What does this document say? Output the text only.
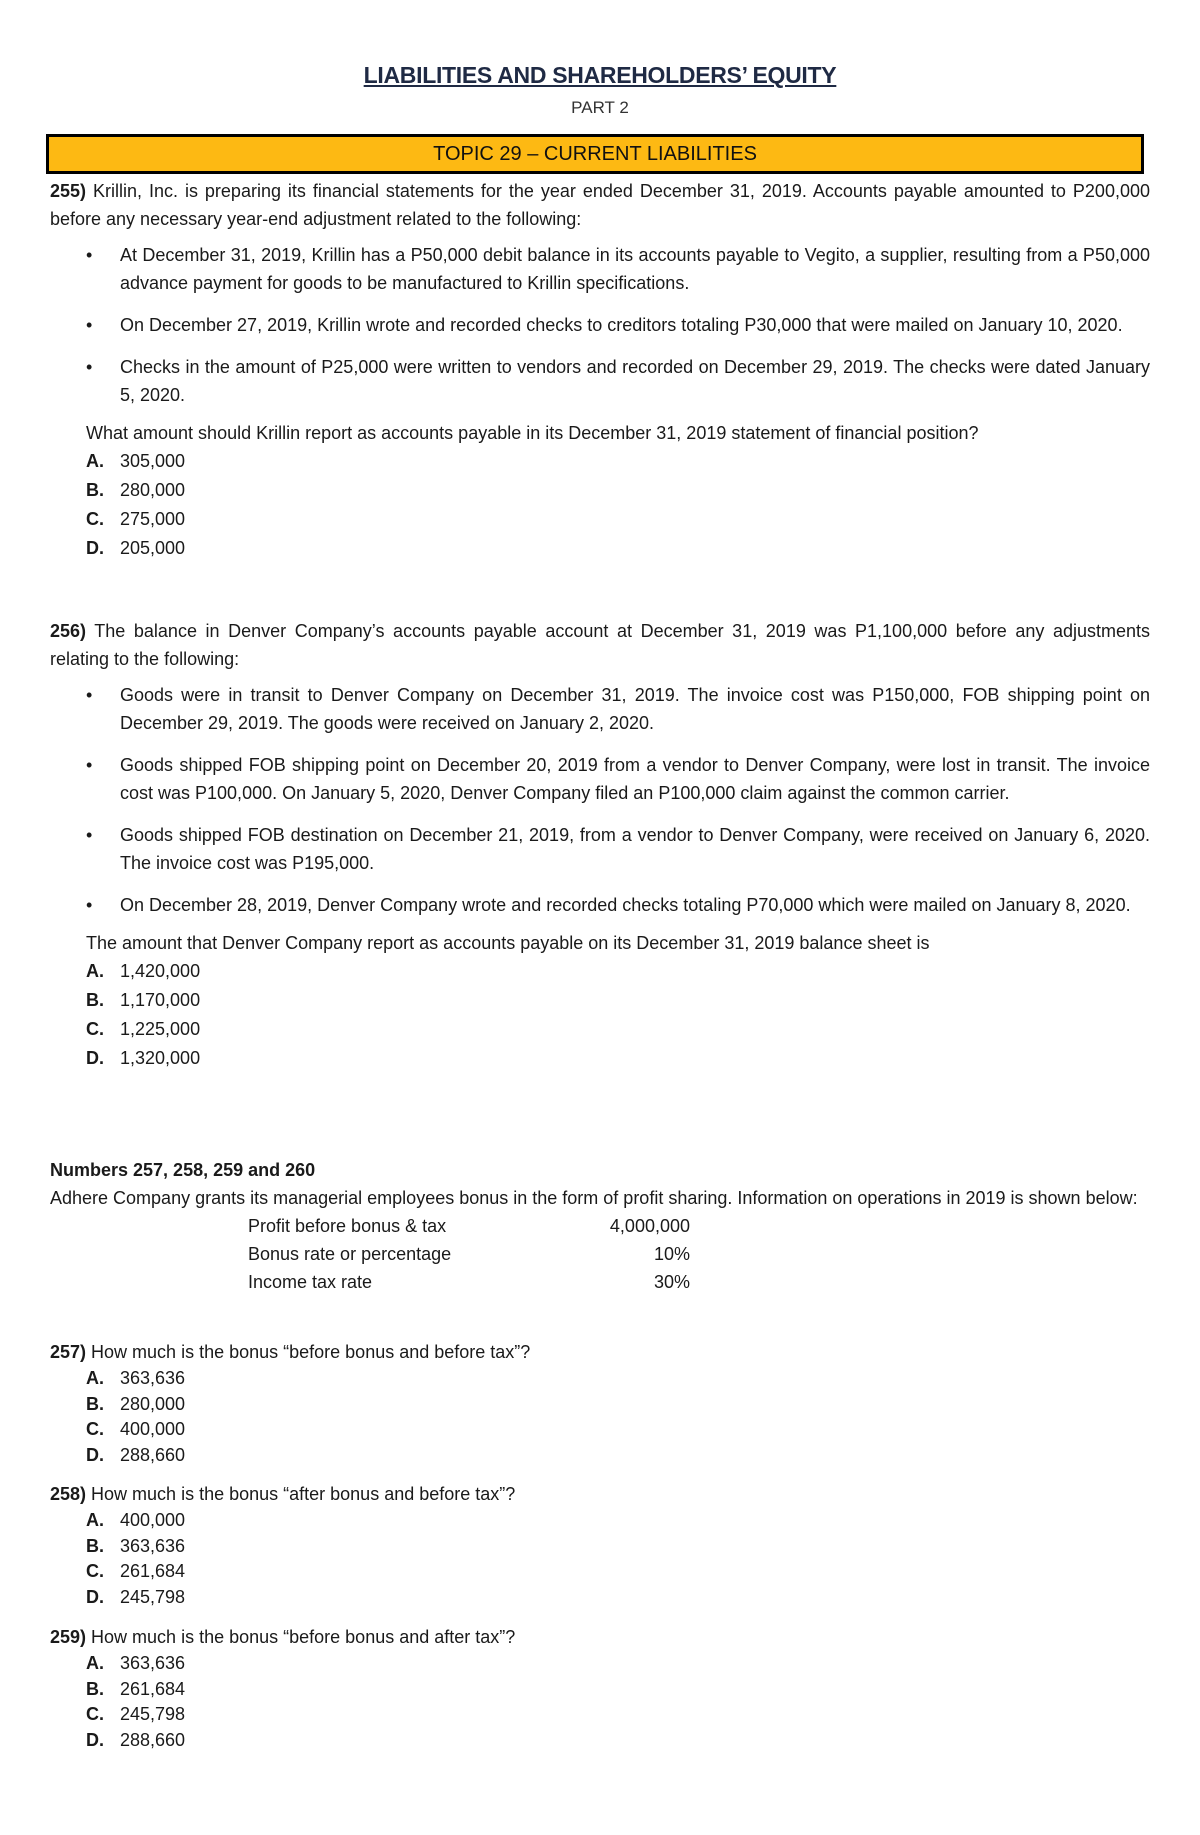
LIABILITIES AND SHAREHOLDERS’ EQUITY
PART 2
TOPIC 29 – CURRENT LIABILITIES
255) Krillin, Inc. is preparing its financial statements for the year ended December 31, 2019. Accounts payable amounted to P200,000 before any necessary year-end adjustment related to the following:
• At December 31, 2019, Krillin has a P50,000 debit balance in its accounts payable to Vegito, a supplier, resulting from a P50,000 advance payment for goods to be manufactured to Krillin specifications.
• On December 27, 2019, Krillin wrote and recorded checks to creditors totaling P30,000 that were mailed on January 10, 2020.
• Checks in the amount of P25,000 were written to vendors and recorded on December 29, 2019. The checks were dated January 5, 2020.
What amount should Krillin report as accounts payable in its December 31, 2019 statement of financial position?
A. 305,000
B. 280,000
C. 275,000
D. 205,000
256) The balance in Denver Company’s accounts payable account at December 31, 2019 was P1,100,000 before any adjustments relating to the following:
• Goods were in transit to Denver Company on December 31, 2019. The invoice cost was P150,000, FOB shipping point on December 29, 2019. The goods were received on January 2, 2020.
• Goods shipped FOB shipping point on December 20, 2019 from a vendor to Denver Company, were lost in transit. The invoice cost was P100,000. On January 5, 2020, Denver Company filed an P100,000 claim against the common carrier.
• Goods shipped FOB destination on December 21, 2019, from a vendor to Denver Company, were received on January 6, 2020. The invoice cost was P195,000.
• On December 28, 2019, Denver Company wrote and recorded checks totaling P70,000 which were mailed on January 8, 2020.
The amount that Denver Company report as accounts payable on its December 31, 2019 balance sheet is
A. 1,420,000
B. 1,170,000
C. 1,225,000
D. 1,320,000
Numbers 257, 258, 259 and 260
Adhere Company grants its managerial employees bonus in the form of profit sharing. Information on operations in 2019 is shown below:
Profit before bonus & tax	4,000,000
Bonus rate or percentage	10%
Income tax rate	30%
257) How much is the bonus “before bonus and before tax”?
A. 363,636
B. 280,000
C. 400,000
D. 288,660
258) How much is the bonus “after bonus and before tax”?
A. 400,000
B. 363,636
C. 261,684
D. 245,798
259) How much is the bonus “before bonus and after tax”?
A. 363,636
B. 261,684
C. 245,798
D. 288,660
